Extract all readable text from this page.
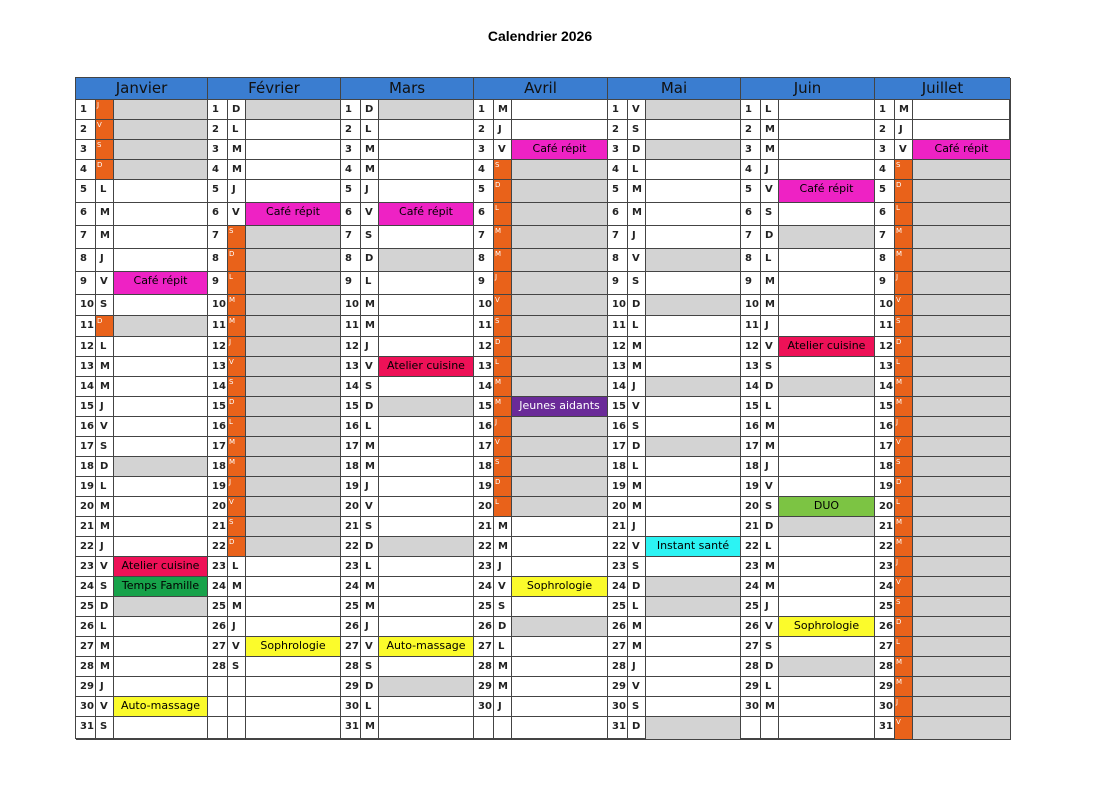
Calendrier 2026
Janvier	Février	Mars	Avril	Mai	Juin	Juillet
1	J	1	D	1	D	1	M	1	V	1	L	1	M
2	V	2	L	2	L	2	J	2	S	2	M	2	J
3	S	3	M	3	M	3	V	Café répit	3	D	3	M	3	V	Café répit
4	D	4	M	4	M	4	S	4	L	4	J	4	S
5	L	5	J	5	J	5	D	5	M	5	V	Café répit	5	D
6	M	6	V	Café répit	6	V	Café répit	6	L	6	M	6	S	6	L
7	M	7	S	7	S	7	M	7	J	7	D	7	M
8	J	8	D	8	D	8	M	8	V	8	L	8	M
9	V	Café répit	9	L	9	L	9	J	9	S	9	M	9	J
10 S	10 M	10 M	10 V	10 D	10 M	10 V
11 D	11 M	11 M	11 S	11 L	11 J	11 S
12 L	12 J	12 J	12 D	12 M	12 V	Atelier cuisine	12 D
13 M	13 V	13 V	Atelier cuisine	13 L	13 M	13 S	13 L
14 M	14 S	14 S	14 M	14 J	14 D	14 M
15 J	15 D	15 D	15 M	Jeunes aidants	15 V	15 L	15 M
16 V	16 L	16 L	16 J	16 S	16 M	16 J
17 S	17 M	17 M	17 V	17 D	17 M	17 V
18 D	18 M	18 M	18 S	18 L	18 J	18 S
19 L	19 J	19 J	19 D	19 M	19 V	19 D
20 M	20 V	20 V	20 L	20 M	20 S	DUO	20 L
21 M	21 S	21 S	21 M	21 J	21 D	21 M
22 J	22 D	22 D	22 M	22 V	Instant santé	22 L	22 M
23 V	Atelier cuisine	23 L	23 L	23 J	23 S	23 M	23 J
24 S	Temps Famille	24 M	24 M	24 V	Sophrologie	24 D	24 M	24 V
25 D	25 M	25 M	25 S	25 L	25 J	25 S
26 L	26 J	26 J	26 D	26 M	26 V	Sophrologie	26 D
27 M	27 V	Sophrologie	27 V	Auto-massage	27 L	27 M	27 S	27 L
28 M	28 S	28 S	28 M	28 J	28 D	28 M
29 J	29 D	29 M	29 V	29 L	29 M
30 V	Auto-massage	30 L	30 J	30 S	30 M	30 J
31 S	31 M	31 D	31 V
